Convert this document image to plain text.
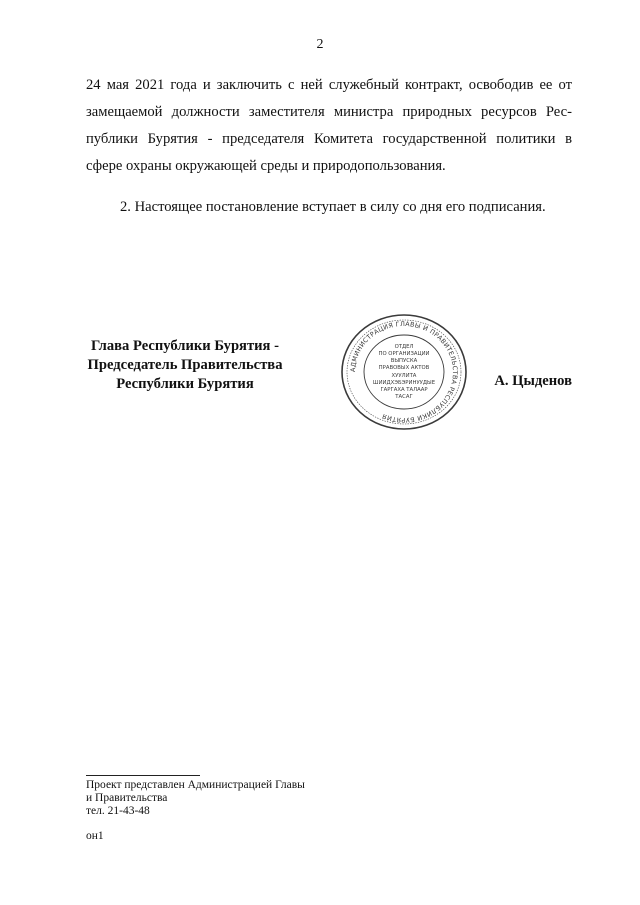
2

24 мая 2021 года и заключить с ней служебный контракт, освободив ее от

замещаемой должности заместителя министра природных ресурсов Рес-

публики Бурятия - председателя Комитета государственной политики в

сфере охраны окружающей среды и природопользования.

2. Настоящее постановление вступает в силу со дня его подписания.
Глава Республики Бурятия -
Председатель Правительства
Республики Бурятия
АДМИНИСТРАЦИЯ ГЛАВЫ И ПРАВИТЕЛЬСТВА РЕСПУБЛИКИ БУРЯТИЯ
ОТДЕЛ
ПО ОРГАНИЗАЦИИ
ВЫПУСКА
ПРАВОВЫХ АКТОВ
ХУУЛИТА
ШИИДХЭБЭРИНУУДЫЕ
ГАРГАХА ТАЛААР
ТАСАГ
А. Цыденов
Проект представлен Администрацией Главы
и Правительства
тел. 21-43-48
он1
